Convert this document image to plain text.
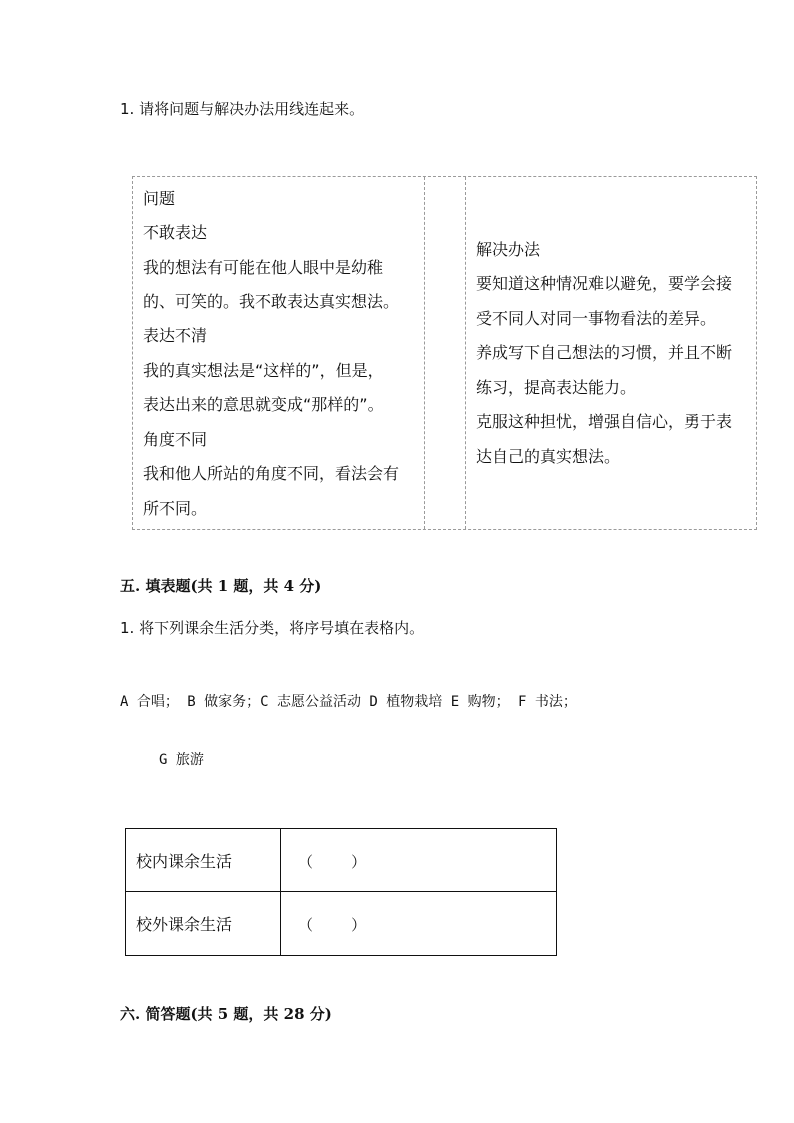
1. 请将问题与解决办法用线连起来。
问题
不敢表达
我的想法有可能在他人眼中是幼稚
的、可笑的。我不敢表达真实想法。
表达不清
我的真实想法是“这样的”，但是，
表达出来的意思就变成“那样的”。
角度不同
我和他人所站的角度不同，看法会有
所不同。
解决办法
要知道这种情况难以避免，要学会接
受不同人对同一事物看法的差异。
养成写下自己想法的习惯，并且不断
练习，提高表达能力。
克服这种担忧，增强自信心，勇于表
达自己的真实想法。
五. 填表题(共 1 题，共 4 分)
1. 将下列课余生活分类，将序号填在表格内。
A 合唱； B 做家务；C 志愿公益活动 D 植物栽培 E 购物； F 书法；
G 旅游
校内课余生活	（        ）
校外课余生活	（        ）
六. 简答题(共 5 题，共 28 分)
